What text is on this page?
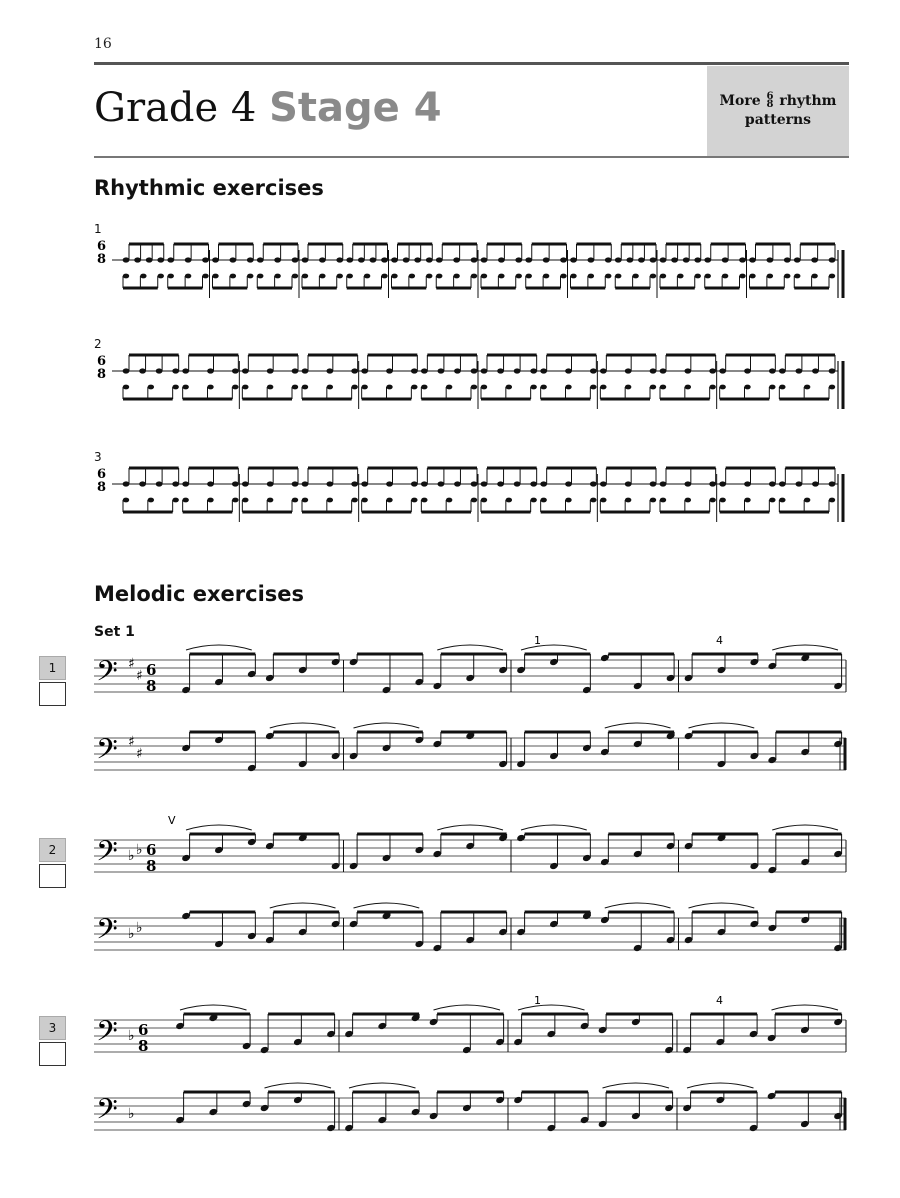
16
Grade 4 Stage 4	More 6
8 rhythm patterns
Rhythmic exercises
1
6
8
2
6
8
3
6
8
Melodic exercises
Set 1
1 𝄢 ♯
♯ 6
8
𝄢 ♯
♯
1	4
2 𝄢 ♭ ♭ 6
8
𝄢 ♭ ♭
V
3 𝄢 ♭ 6
8
𝄢 ♭
1	4
